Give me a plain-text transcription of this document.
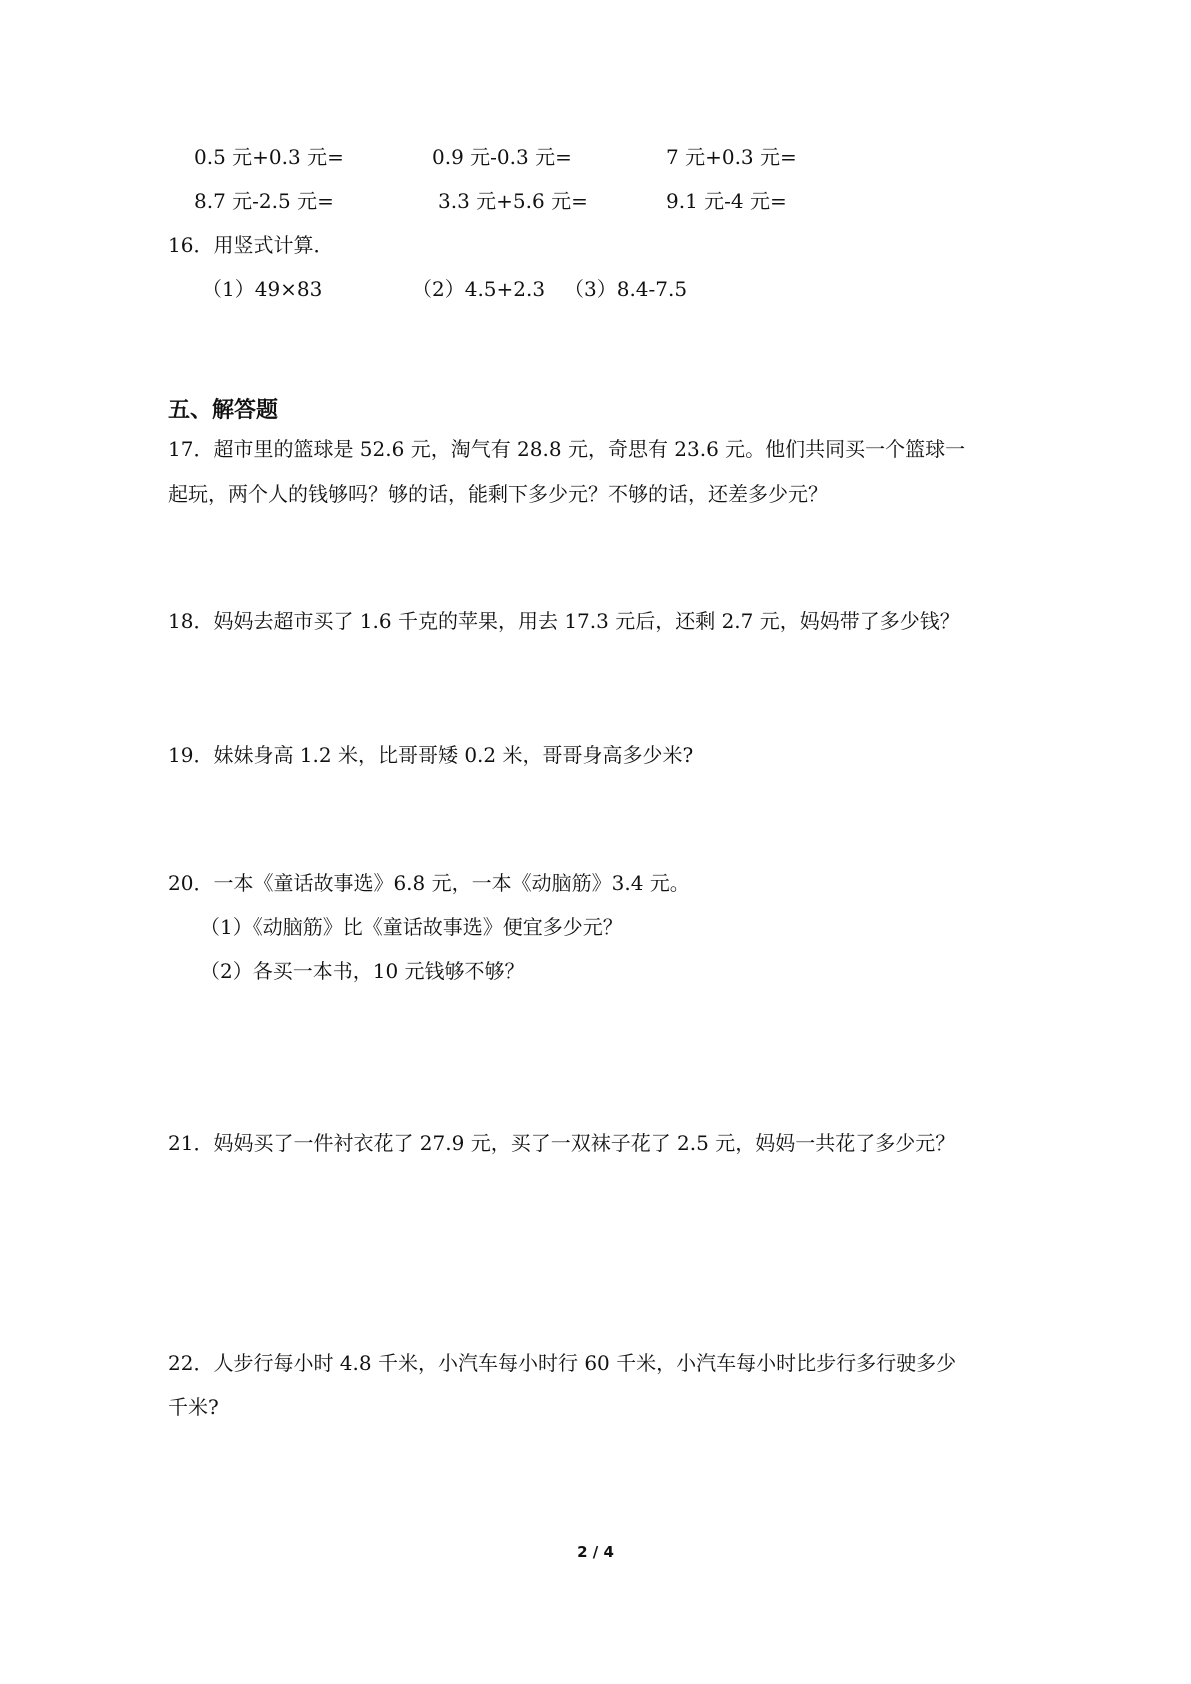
0.5 元+0.3 元=	0.9 元-0.3 元=	7 元+0.3 元=
8.7 元-2.5 元=	3.3 元+5.6 元=	9.1 元-4 元=
16．用竖式计算．
（1）49×83	（2）4.5+2.3 （3）8.4-7.5
五、解答题
17．超市里的篮球是 52.6 元，淘气有 28.8 元，奇思有 23.6 元。他们共同买一个篮球一
起玩，两个人的钱够吗？够的话，能剩下多少元？不够的话，还差多少元？
18．妈妈去超市买了 1.6 千克的苹果，用去 17.3 元后，还剩 2.7 元，妈妈带了多少钱？
19．妹妹身高 1.2 米，比哥哥矮 0.2 米，哥哥身高多少米?
20．一本《童话故事选》6.8 元，一本《动脑筋》3.4 元。
（1）《动脑筋》比《童话故事选》便宜多少元？
（2）各买一本书，10 元钱够不够？
21．妈妈买了一件衬衣花了 27.9 元，买了一双袜子花了 2.5 元，妈妈一共花了多少元？
22．人步行每小时 4.8 千米，小汽车每小时行 60 千米，小汽车每小时比步行多行驶多少
千米?
2 / 4
